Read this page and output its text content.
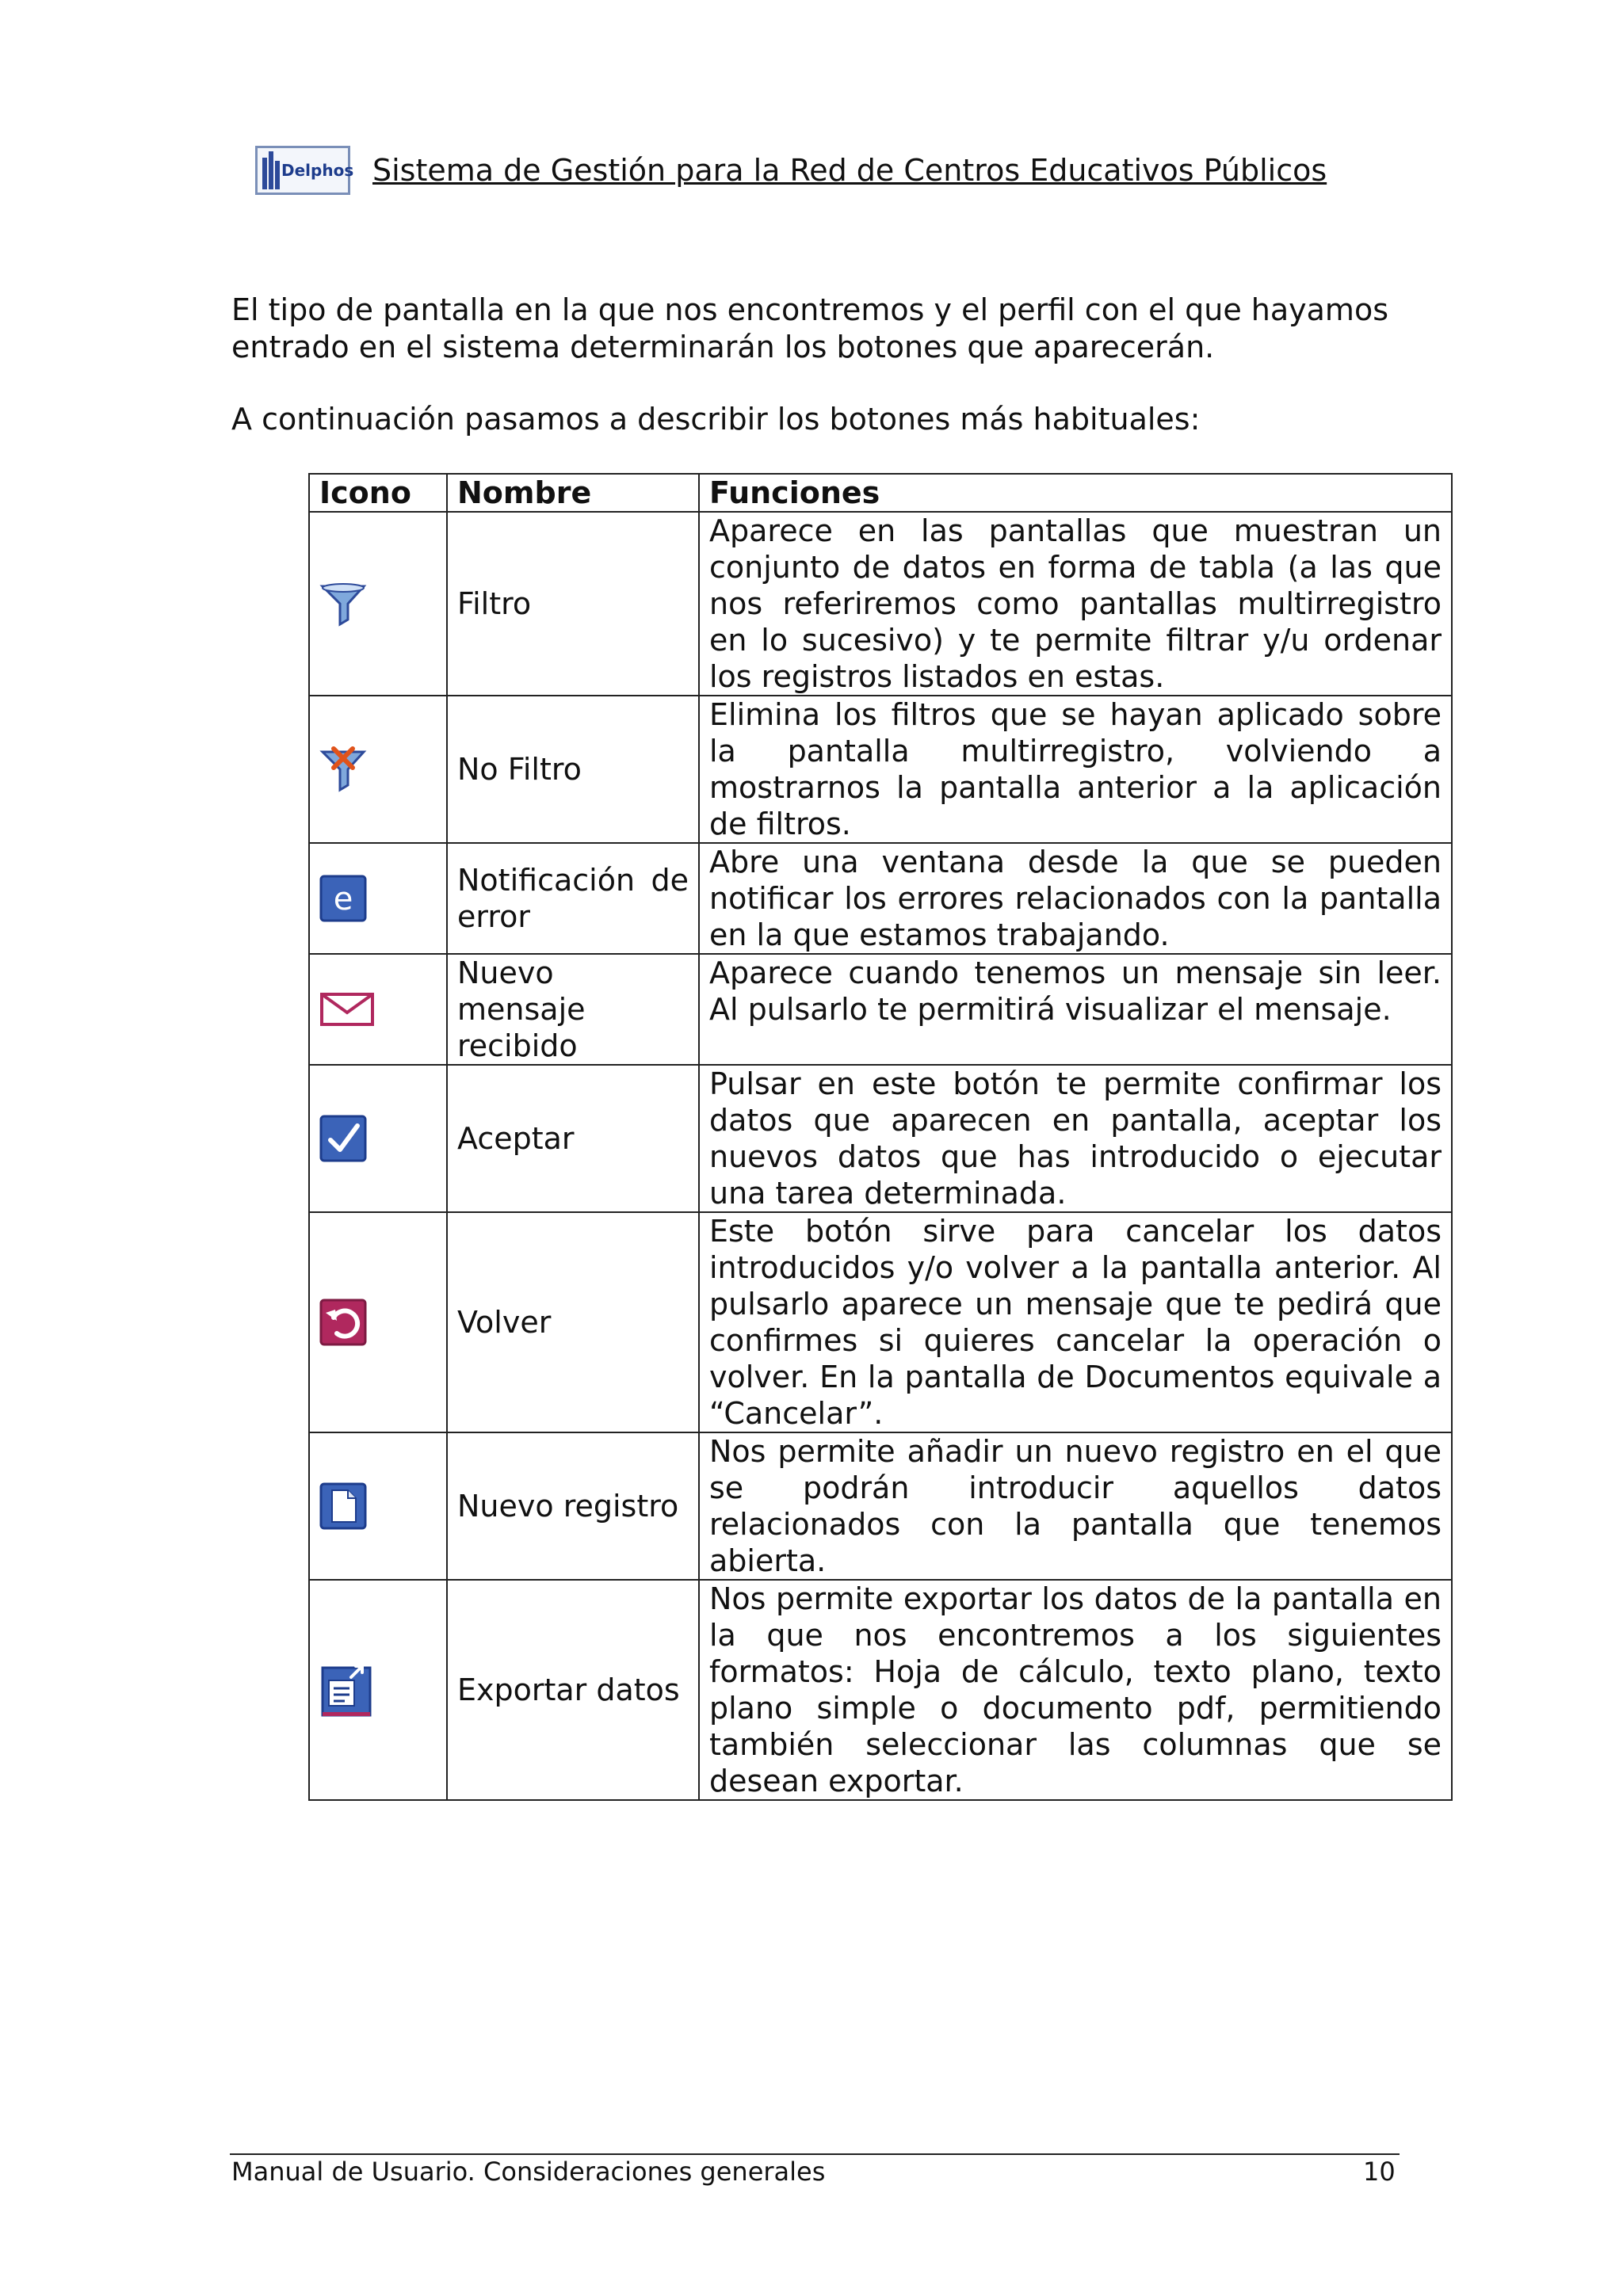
Delphos Sistema de Gestión para la Red de Centros Educativos Públicos

El tipo de pantalla en la que nos encontremos y el perfil con el que hayamos entrado en el sistema determinarán los botones que aparecerán.

A continuación pasamos a describir los botones más habituales:

Icono	Nombre	Funciones

	Filtro	Aparece en las pantallas que muestran un conjunto de datos en forma de tabla (a las que nos referiremos como pantallas multirregistro en lo sucesivo) y te permite filtrar y/u ordenar los registros listados en estas.

	No Filtro	Elimina los filtros que se hayan aplicado sobre la pantalla multirregistro, volviendo a mostrarnos la pantalla anterior a la aplicación de filtros.

e	Notificación de error	Abre una ventana desde la que se pueden notificar los errores relacionados con la pantalla en la que estamos trabajando.

	Nuevo mensaje recibido	Aparece cuando tenemos un mensaje sin leer. Al pulsarlo te permitirá visualizar el mensaje.

	Aceptar	Pulsar en este botón te permite confirmar los datos que aparecen en pantalla, aceptar los nuevos datos que has introducido o ejecutar una tarea determinada.

	Volver	Este botón sirve para cancelar los datos introducidos y/o volver a la pantalla anterior. Al pulsarlo aparece un mensaje que te pedirá que confirmes si quieres cancelar la operación o volver. En la pantalla de Documentos equivale a “Cancelar”.

	Nuevo registro	Nos permite añadir un nuevo registro en el que se podrán introducir aquellos datos relacionados con la pantalla que tenemos abierta.

	Exportar datos	Nos permite exportar los datos de la pantalla en la que nos encontremos a los siguientes formatos: Hoja de cálculo, texto plano, texto plano simple o documento pdf, permitiendo también seleccionar las columnas que se desean exportar.
Manual de Usuario. Consideraciones generales	10
